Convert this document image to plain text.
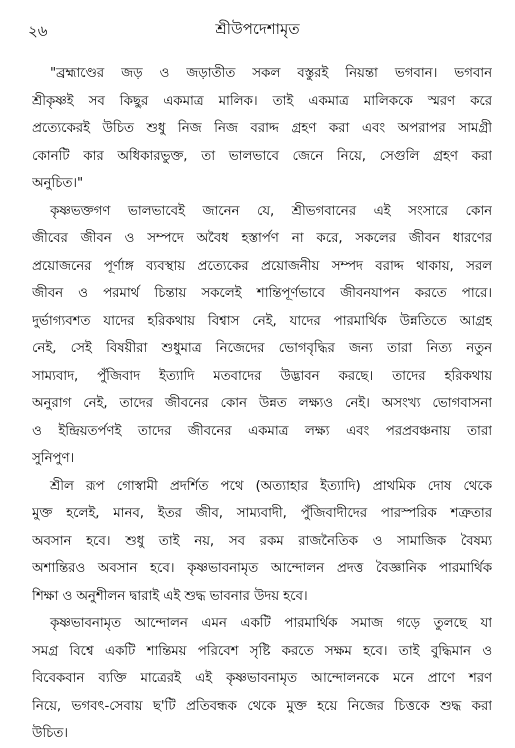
২৬	শ্রীউপদেশামৃত
"ব্রহ্মাণ্ডের জড় ও জড়াতীত সকল বস্তুরই নিয়ন্তা ভগবান। ভগবান
শ্রীকৃষ্ণই সব কিছুর একমাত্র মালিক। তাই একমাত্র মালিককে স্মরণ করে
প্রত্যেকেরই উচিত শুধু নিজ নিজ বরাদ্দ গ্রহণ করা এবং অপরাপর সামগ্রী
কোনটি কার অধিকারভুক্ত, তা ভালভাবে জেনে নিয়ে, সেগুলি গ্রহণ করা
অনুচিত।"
কৃষ্ণভক্তগণ ভালভাবেই জানেন যে, শ্রীভগবানের এই সংসারে কোন
জীবের জীবন ও সম্পদে অবৈধ হস্তার্পণ না করে, সকলের জীবন ধারণের
প্রয়োজনের পূর্ণাঙ্গ ব্যবস্থায় প্রত্যেকের প্রয়োজনীয় সম্পদ বরাদ্দ থাকায়, সরল
জীবন ও পরমার্থ চিন্তায় সকলেই শান্তিপূর্ণভাবে জীবনযাপন করতে পারে।
দুর্ভাগ্যবশত যাদের হরিকথায় বিশ্বাস নেই, যাদের পারমার্থিক উন্নতিতে আগ্রহ
নেই, সেই বিষয়ীরা শুধুমাত্র নিজেদের ভোগবৃদ্ধির জন্য তারা নিত্য নতুন
সাম্যবাদ, পুঁজিবাদ ইত্যাদি মতবাদের উদ্ভাবন করছে। তাদের হরিকথায়
অনুরাগ নেই, তাদের জীবনের কোন উন্নত লক্ষ্যও নেই। অসংখ্য ভোগবাসনা
ও ইন্দ্রিয়তর্পণই তাদের জীবনের একমাত্র লক্ষ্য এবং পরপ্রবঞ্চনায় তারা
সুনিপুণ।
শ্রীল রূপ গোস্বামী প্রদর্শিত পথে (অত্যাহার ইত্যাদি) প্রাথমিক দোষ থেকে
মুক্ত হলেই, মানব, ইতর জীব, সাম্যবাদী, পুঁজিবাদীদের পারস্পরিক শত্রুতার
অবসান হবে। শুধু তাই নয়, সব রকম রাজনৈতিক ও সামাজিক বৈষম্য
অশান্তিরও অবসান হবে। কৃষ্ণভাবনামৃত আন্দোলন প্রদত্ত বৈজ্ঞানিক পারমার্থিক
শিক্ষা ও অনুশীলন দ্বারাই এই শুদ্ধ ভাবনার উদয় হবে।
কৃষ্ণভাবনামৃত আন্দোলন এমন একটি পারমার্থিক সমাজ গড়ে তুলছে যা
সমগ্র বিশ্বে একটি শান্তিময় পরিবেশ সৃষ্টি করতে সক্ষম হবে। তাই বুদ্ধিমান ও
বিবেকবান ব্যক্তি মাত্রেরই এই কৃষ্ণভাবনামৃত আন্দোলনকে মনে প্রাণে শরণ
নিয়ে, ভগবৎ-সেবায় ছ'টি প্রতিবন্ধক থেকে মুক্ত হয়ে নিজের চিত্তকে শুদ্ধ করা
উচিত।
